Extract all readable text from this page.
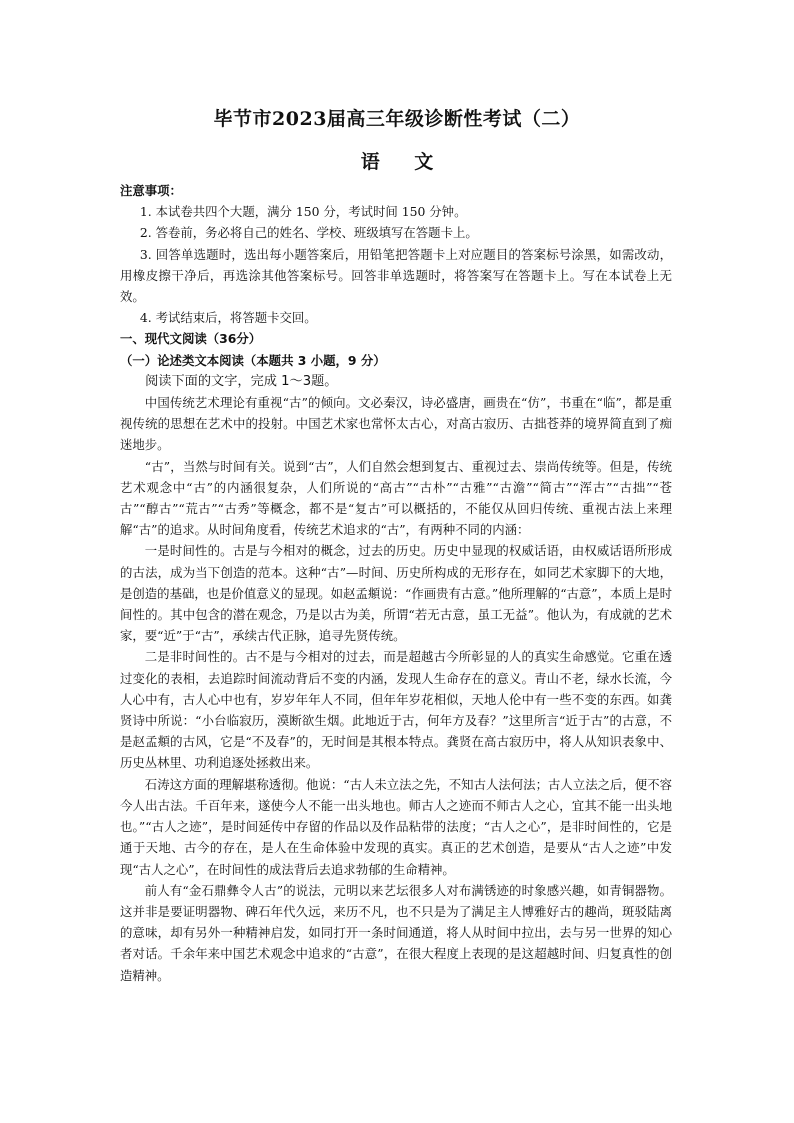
毕节市2023届高三年级诊断性考试（二）
语 文

注意事项：

1. 本试卷共四个大题，满分 150 分，考试时间 150 分钟。

2. 答卷前，务必将自己的姓名、学校、班级填写在答题卡上。

3. 回答单选题时，选出每小题答案后，用铅笔把答题卡上对应题目的答案标号涂黑，如需改动，用橡皮擦干净后，再选涂其他答案标号。回答非单选题时，将答案写在答题卡上。写在本试卷上无效。

4. 考试结束后，将答题卡交回。

一、现代文阅读（36分）

（一）论述类文本阅读（本题共 3 小题，9 分）

阅读下面的文字，完成 1～3题。

中国传统艺术理论有重视“古”的倾向。文必秦汉，诗必盛唐，画贵在“仿”，书重在“临”，都是重视传统的思想在艺术中的投射。中国艺术家也常怀太古心，对高古寂历、古拙苍莽的境界简直到了痴迷地步。

“古”，当然与时间有关。说到“古”，人们自然会想到复古、重视过去、崇尚传统等。但是，传统艺术观念中“古”的内涵很复杂，人们所说的“高古”“古朴”“古雅”“古澹”“简古”“浑古”“古拙”“苍古”“醇古”“荒古”“古秀”等概念，都不是“复古”可以概括的，不能仅从回归传统、重视古法上来理解“古”的追求。从时间角度看，传统艺术追求的“古”，有两种不同的内涵：

一是时间性的。古是与今相对的概念，过去的历史。历史中显现的权威话语，由权威话语所形成的古法，成为当下创造的范本。这种“古”—时间、历史所构成的无形存在，如同艺术家脚下的大地，是创造的基础，也是价值意义的显现。如赵孟頫说：“作画贵有古意。”他所理解的“古意”，本质上是时间性的。其中包含的潜在观念，乃是以古为美，所谓“若无古意，虽工无益”。他认为，有成就的艺术家，要“近”于“古”，承续古代正脉，追寻先贤传统。

二是非时间性的。古不是与今相对的过去，而是超越古今所彰显的人的真实生命感觉。它重在透过变化的表相，去追踪时间流动背后不变的内涵，发现人生命存在的意义。青山不老，绿水长流，今人心中有，古人心中也有，岁岁年年人不同，但年年岁花相似，天地人伦中有一些不变的东西。如龚贤诗中所说：“小台临寂历，漠断欲生烟。此地近于古，何年方及春？”这里所言“近于古”的古意，不是赵孟頫的古风，它是“不及春”的，无时间是其根本特点。龚贤在高古寂历中，将人从知识表象中、历史丛林里、功利追逐处拯救出来。

石涛这方面的理解堪称透彻。他说：“古人未立法之先，不知古人法何法；古人立法之后，便不容今人出古法。千百年来，遂使今人不能一出头地也。师古人之迹而不师古人之心，宜其不能一出头地也。”“古人之迹”，是时间延传中存留的作品以及作品粘带的法度；“古人之心”，是非时间性的，它是通于天地、古今的存在，是人在生命体验中发现的真实。真正的艺术创造，是要从“古人之迹”中发现“古人之心”，在时间性的成法背后去追求勃郁的生命精神。

前人有“金石鼎彝令人古”的说法，元明以来艺坛很多人对布满锈迹的时象感兴趣，如青铜器物。这并非是要证明器物、碑石年代久远，来历不凡，也不只是为了满足主人博雅好古的趣尚，斑驳陆离的意味，却有另外一种精神启发，如同打开一条时间通道，将人从时间中拉出，去与另一世界的知心者对话。千余年来中国艺术观念中追求的“古意”，在很大程度上表现的是这超越时间、归复真性的创造精神。
